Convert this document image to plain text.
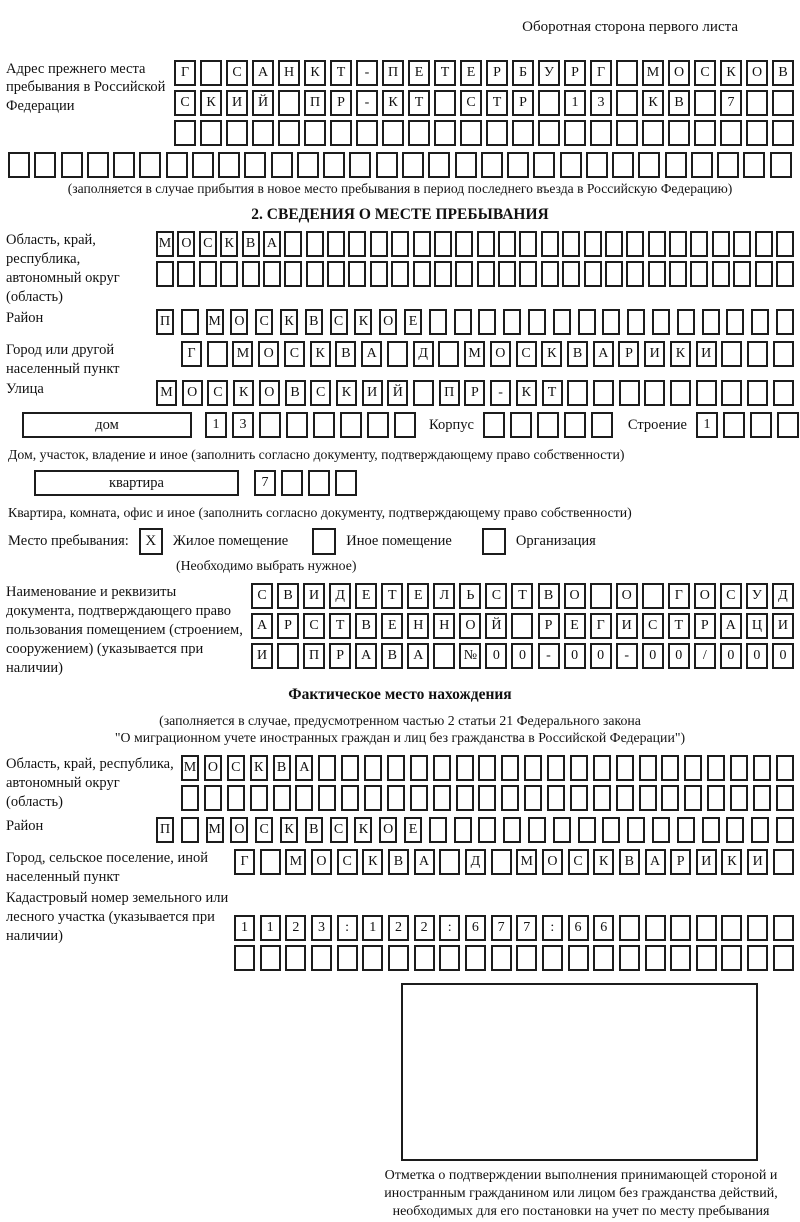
Оборотная сторона первого листа
Адрес прежнего места пребывания в Российской Федерации
Г	С	А	Н	К	Т	-	П	Е	Т	Е	Р	Б	У	Р	Г	М	О	С	К	О	В
С	К	И	Й	П	Р	-	К	Т	С	Т	Р	1	3	К	В	7
(заполняется в случае прибытия в новое место пребывания в период последнего въезда в Российскую Федерацию)
2. СВЕДЕНИЯ О МЕСТЕ ПРЕБЫВАНИЯ
Область, край, республика, автономный округ (область)
М О С К В А
Район	П	М О	С	К	В	С	К	О	Е
Город или другой населенный пункт
Г	М	О	С	К	В	А	Д	М	О	С	К	В	А	Р	И	К	И
Улица	М	О	С	К	О	В	С	К	И	Й	П	Р	-	К	Т
дом	1	3	Корпус	Строение	1
Дом, участок, владение и иное (заполнить согласно документу, подтверждающему право собственности)
квартира	7
Квартира, комната, офис и иное (заполнить согласно документу, подтверждающему право собственности)
Место пребывания:	X	Жилое помещение	Иное помещение	Организация
(Необходимо выбрать нужное)
Наименование и реквизиты документа, подтверждающего право пользования помещением (строением, сооружением) (указывается при наличии)
С	В	И	Д	Е	Т	Е	Л	Ь	С	Т	В	О	О	Г	О	С	У	Д
А	Р	С	Т	В	Е	Н	Н	О	Й	Р	Е	Г	И	С	Т	Р	А	Ц	И
И	П	Р	А	В	А	№	0	0	-	0	0	-	0	0	/	0	0	0
Фактическое место нахождения
(заполняется в случае, предусмотренном частью 2 статьи 21 Федерального закона
"О миграционном учете иностранных граждан и лиц без гражданства в Российской Федерации")
Область, край, республика, автономный округ (область)
М О С К В А
Район	П	М О	С	К	В	С	К	О	Е
Город, сельское поселение, иной населенный пункт
Г	М	О	С	К	В	А	Д	М	О	С	К	В	А	Р	И	К	И
Кадастровый номер земельного или лесного участка (указывается при наличии)
1	1	2	3	:	1	2	2	:	6	7	7	:	6	6
Отметка о подтверждении выполнения принимающей стороной и иностранным гражданином или лицом без гражданства действий, необходимых для его постановки на учет по месту пребывания
